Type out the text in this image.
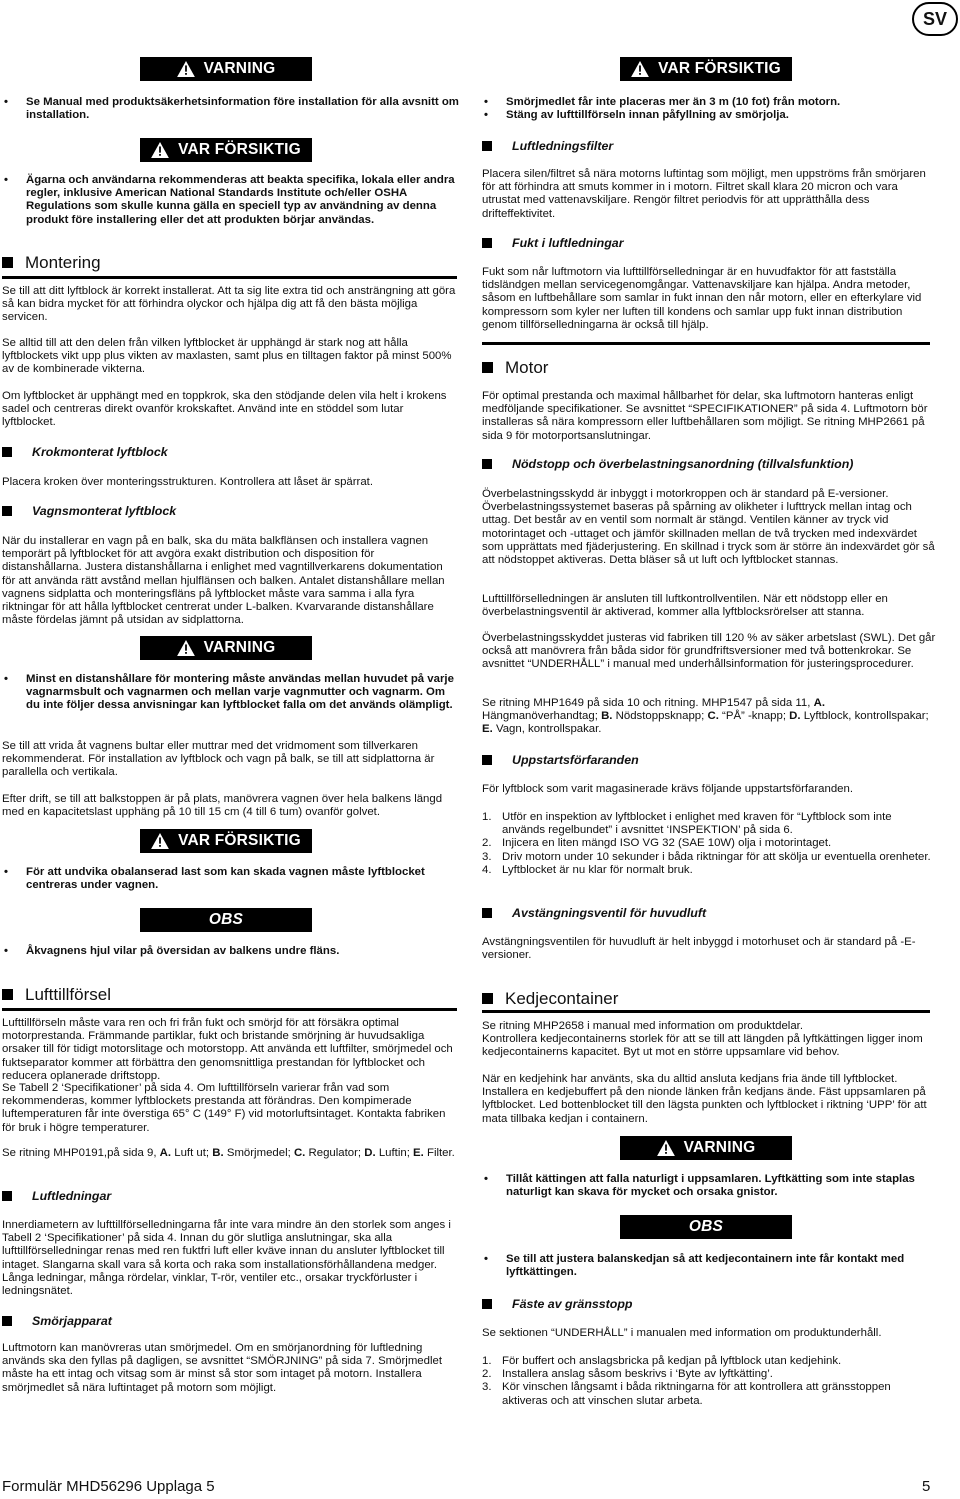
SV
VARNING
• Se Manual med produktsäkerhetsinformation före installation för alla avsnitt om installation.
VAR FÖRSIKTIG
• Ägarna och användarna rekommenderas att beakta specifika, lokala eller andra regler, inklusive American National Standards Institute och/eller OSHA Regulations som skulle kunna gälla en speciell typ av användning av denna produkt före installering eller det att produkten börjar användas.
Montering

Se till att ditt lyftblock är korrekt installerat. Att ta sig lite extra tid och ansträngning att göra så kan bidra mycket för att förhindra olyckor och hjälpa dig att få den bästa möjliga servicen.

Se alltid till att den delen från vilken lyftblocket är upphängd är stark nog att hålla lyftblockets vikt upp plus vikten av maxlasten, samt plus en tilltagen faktor på minst 500% av de kombinerade vikterna.

Om lyftblocket är upphängt med en toppkrok, ska den stödjande delen vila helt i krokens sadel och centreras direkt ovanför krokskaftet. Använd inte en stöddel som lutar lyftblocket.

Krokmonterat lyftblock

Placera kroken över monteringsstrukturen. Kontrollera att låset är spärrat.

Vagnsmonterat lyftblock

När du installerar en vagn på en balk, ska du mäta balkflänsen och installera vagnen temporärt på lyftblocket för att avgöra exakt distribution och disposition för distanshållarna. Justera distanshållarna i enlighet med vagntillverkarens dokumentation för att använda rätt avstånd mellan hjulflänsen och balken. Antalet distanshållare mellan vagnens sidplatta och monteringsfläns på lyftblocket måste vara samma i alla fyra riktningar för att hålla lyftblocket centrerat under L-balken. Kvarvarande distanshållare måste fördelas jämnt på utsidan av sidplattorna.

VARNING
• Minst en distanshållare för montering måste användas mellan huvudet på varje vagnarmsbult och vagnarmen och mellan varje vagnmutter och vagnarm. Om du inte följer dessa anvisningar kan lyftblocket falla om det används olämpligt.

Se till att vrida åt vagnens bultar eller muttrar med det vridmoment som tillverkaren rekommenderat. För installation av lyftblock och vagn på balk, se till att sidplattorna är parallella och vertikala.

Efter drift, se till att balkstoppen är på plats, manövrera vagnen över hela balkens längd med en kapacitetslast upphäng på 10 till 15 cm (4 till 6 tum) ovanför golvet.

VAR FÖRSIKTIG
• För att undvika obalanserad last som kan skada vagnen måste lyftblocket centreras under vagnen.
OBS
• Åkvagnens hjul vilar på översidan av balkens undre fläns.
Lufttillförsel

Lufttillförseln måste vara ren och fri från fukt och smörjd för att försäkra optimal motorprestanda. Främmande partiklar, fukt och bristande smörjning är huvudsakliga orsaker till för tidigt motorslitage och motorstopp. Att använda ett luftfilter, smörjmedel och fuktseparator kommer att förbättra den genomsnittliga prestandan för lyftblocket och reducera oplanerade driftstopp.

Se Tabell 2 ‘Specifikationer’ på sida 4. Om lufttillförseln varierar från vad som rekommenderas, kommer lyftblockets prestanda att förändras. Den kompimerade luftemperaturen får inte överstiga 65° C (149° F) vid motorluftsintaget. Kontakta fabriken för bruk i högre temperaturer.

Se ritning MHP0191,på sida 9, A. Luft ut; B. Smörjmedel; C. Regulator; D. Luftin; E. Filter.

Luftledningar

Innerdiametern av lufttillförselledningarna får inte vara mindre än den storlek som anges i Tabell 2 ‘Specifikationer’ på sida 4. Innan du gör slutliga anslutningar, ska alla lufttillförselledningar renas med ren fuktfri luft eller kväve innan du ansluter lyftblocket till intaget. Slangarna skall vara så korta och raka som installationsförhållandena medger. Långa ledningar, många rördelar, vinklar, T-rör, ventiler etc., orsakar tryckförluster i ledningsnätet.

Smörjapparat

Luftmotorn kan manövreras utan smörjmedel. Om en smörjanordning för luftledning används ska den fyllas på dagligen, se avsnittet “SMÖRJNING” på sida 7. Smörjmedlet måste ha ett intag och vitsag som är minst så stor som intaget på motorn. Installera smörjmedlet så nära luftintaget på motorn som möjligt.

VAR FÖRSIKTIG
• Smörjmedlet får inte placeras mer än 3 m (10 fot) från motorn.
• Stäng av lufttillförseln innan påfyllning av smörjolja.
Luftledningsfilter

Placera silen/filtret så nära motorns luftintag som möjligt, men uppströms från smörjaren för att förhindra att smuts kommer in i motorn. Filtret skall klara 20 micron och vara utrustat med vattenavskiljare. Rengör filtret periodvis för att upprätthålla dess drifteffektivitet.

Fukt i luftledningar

Fukt som når luftmotorn via lufttillförselledningar är en huvudfaktor för att fastställa tidsländgen mellan servicegenomgångar. Vattenavskiljare kan hjälpa. Andra metoder, såsom en luftbehållare som samlar in fukt innan den når motorn, eller en efterkylare vid kompressorn som kyler ner luften till kondens och samlar upp fukt innan distribution genom tillförselledningarna är också till hjälp.

Motor

För optimal prestanda och maximal hållbarhet för delar, ska luftmotorn hanteras enligt medföljande specifikationer. Se avsnittet “SPECIFIKATIONER” på sida 4. Luftmotorn bör installeras så nära kompressorn eller luftbehållaren som möjligt. Se ritning MHP2661 på sida 9 för motorportsanslutningar.

Nödstopp och överbelastningsanordning (tillvalsfunktion)

Överbelastningsskydd är inbyggt i motorkroppen och är standard på E-versioner. Överbelastningssystemet baseras på spårning av olikheter i lufttryck mellan intag och uttag. Det består av en ventil som normalt är stängd. Ventilen känner av tryck vid motorintaget och -uttaget och jämför skillnaden mellan de två trycken med indexvärdet som upprättats med fjäderjustering. En skillnad i tryck som är större än indexvärdet gör så att nödstoppet aktiveras. Detta bläser så ut luft och lyftblocket stannas.

Lufttillförselledningen är ansluten till luftkontrollventilen. När ett nödstopp eller en överbelastningsventil är aktiverad, kommer alla lyftblocksrörelser att stanna.

Överbelastningsskyddet justeras vid fabriken till 120 % av säker arbetslast (SWL). Det går också att manövrera från båda sidor för grundfriftsversioner med två bottenkrokar. Se avsnittet “UNDERHÅLL” i manual med underhållsinformation för justeringsprocedurer.

Se ritning MHP1649 på sida 10 och ritning. MHP1547 på sida 11, A. Hängmanöverhandtag; B. Nödstoppsknapp; C. “PÅ” -knapp; D. Lyftblock, kontrollspakar; E. Vagn, kontrollspakar.

Uppstartsförfaranden

För lyftblock som varit magasinerade krävs följande uppstartsförfaranden.

1. Utför en inspektion av lyftblocket i enlighet med kraven för “Lyftblock som inte används regelbundet” i avsnittet ‘INSPEKTION’ på sida 6.
2. Injicera en liten mängd ISO VG 32 (SAE 10W) olja i motorintaget.
3. Driv motorn under 10 sekunder i båda riktningar för att skölja ur eventuella orenheter.
4. Lyftblocket är nu klar för normalt bruk.
Avstängningsventil för huvudluft

Avstängningsventilen för huvudluft är helt inbyggd i motorhuset och är standard på -E-versioner.

Kedjecontainer

Se ritning MHP2658 i manual med information om produktdelar.
Kontrollera kedjecontainerns storlek för att se till att längden på lyftkättingen ligger inom kedjecontainerns kapacitet. Byt ut mot en större uppsamlare vid behov.

När en kedjehink har använts, ska du alltid ansluta kedjans fria ände till lyftblocket. Installera en kedjebuffert på den nionde länken från kedjans ände. Fäst uppsamlaren på lyftblocket. Led bottenblocket till den lägsta punkten och lyftblocket i riktning ‘UPP’ för att mata tillbaka kedjan i containern.

VARNING
• Tillåt kättingen att falla naturligt i uppsamlaren. Lyftkätting som inte staplas naturligt kan skava för mycket och orsaka gnistor.
OBS
• Se till att justera balanskedjan så att kedjecontainern inte får kontakt med lyftkättingen.
Fäste av gränsstopp

Se sektionen “UNDERHÅLL” i manualen med information om produktunderhåll.

1. För buffert och anslagsbricka på kedjan på lyftblock utan kedjehink.
2. Installera anslag såsom beskrivs i ‘Byte av lyftkätting’.
3. Kör vinschen långsamt i båda riktningarna för att kontrollera att gränsstoppen aktiveras och att vinschen slutar arbeta.
Formulär MHD56296 Upplaga 5	5
